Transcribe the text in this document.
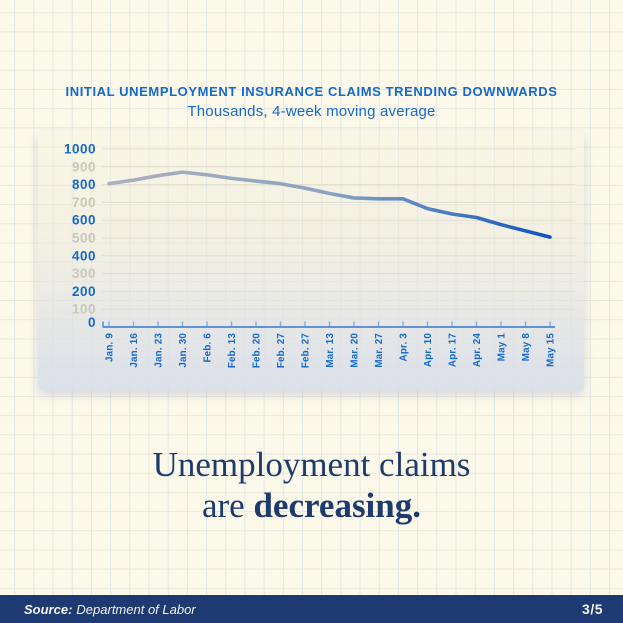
INITIAL UNEMPLOYMENT INSURANCE CLAIMS TRENDING DOWNWARDS
Thousands, 4-week moving average
0
100
200
300
400
500
600
700
800
900
1000
Jan. 9 Jan. 16 Jan. 23 Jan. 30 Feb. 6 Feb. 13 Feb. 20 Feb. 27 Feb. 27 Mar. 13 Mar. 20 Mar. 27 Apr. 3 Apr. 10 Apr. 17 Apr. 24 May 1 May 8 May 15
Unemployment claims
are decreasing.
Source: Department of Labor	3/5
